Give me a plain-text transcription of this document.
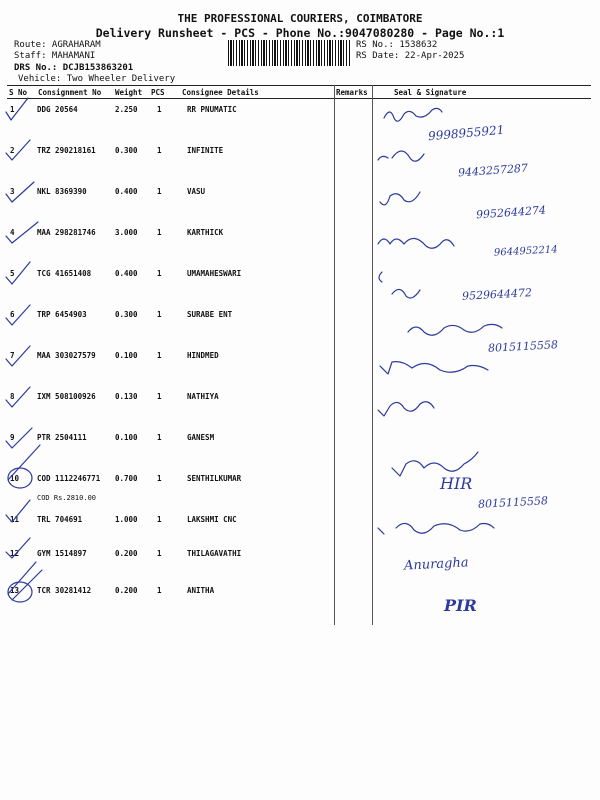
THE PROFESSIONAL COURIERS, COIMBATORE
Delivery Runsheet - PCS - Phone No.:9047080280 - Page No.:1
Route: AGRAHARAM
Staff: MAHAMANI
DRS No.: DCJB153863201
Vehicle: Two Wheeler Delivery
RS No.: 1538632
RS Date: 22-Apr-2025
S No Consignment No Weight PCS Consignee Details	Remarks	Seal & Signature
1	DDG 20564	2.250	1	RR PNUMATIC
2	TRZ 290218161	0.300	1	INFINITE
3	NKL 8369390	0.400	1	VASU
4	MAA 298281746	3.000	1	KARTHICK
5	TCG 41651408	0.400	1	UMAMAHESWARI
6	TRP 6454903	0.300	1	SURABE ENT
7	MAA 303027579	0.100	1	HINDMED
8	IXM 508100926	0.130	1	NATHIYA
9	PTR 2504111	0.100	1	GANESM
10 COD 1112246771 0.700	1	SENTHILKUMAR
COD Rs.2810.00
11 TRL 704691	1.000	1	LAKSHMI CNC
12 GYM 1514897	0.200	1	THILAGAVATHI
13 TCR 30281412	0.200	1	ANITHA
9998955921
9443257287
9952644274
9644952214
9529644472
8015115558
HIR
8015115558
Anuragha
PIR
